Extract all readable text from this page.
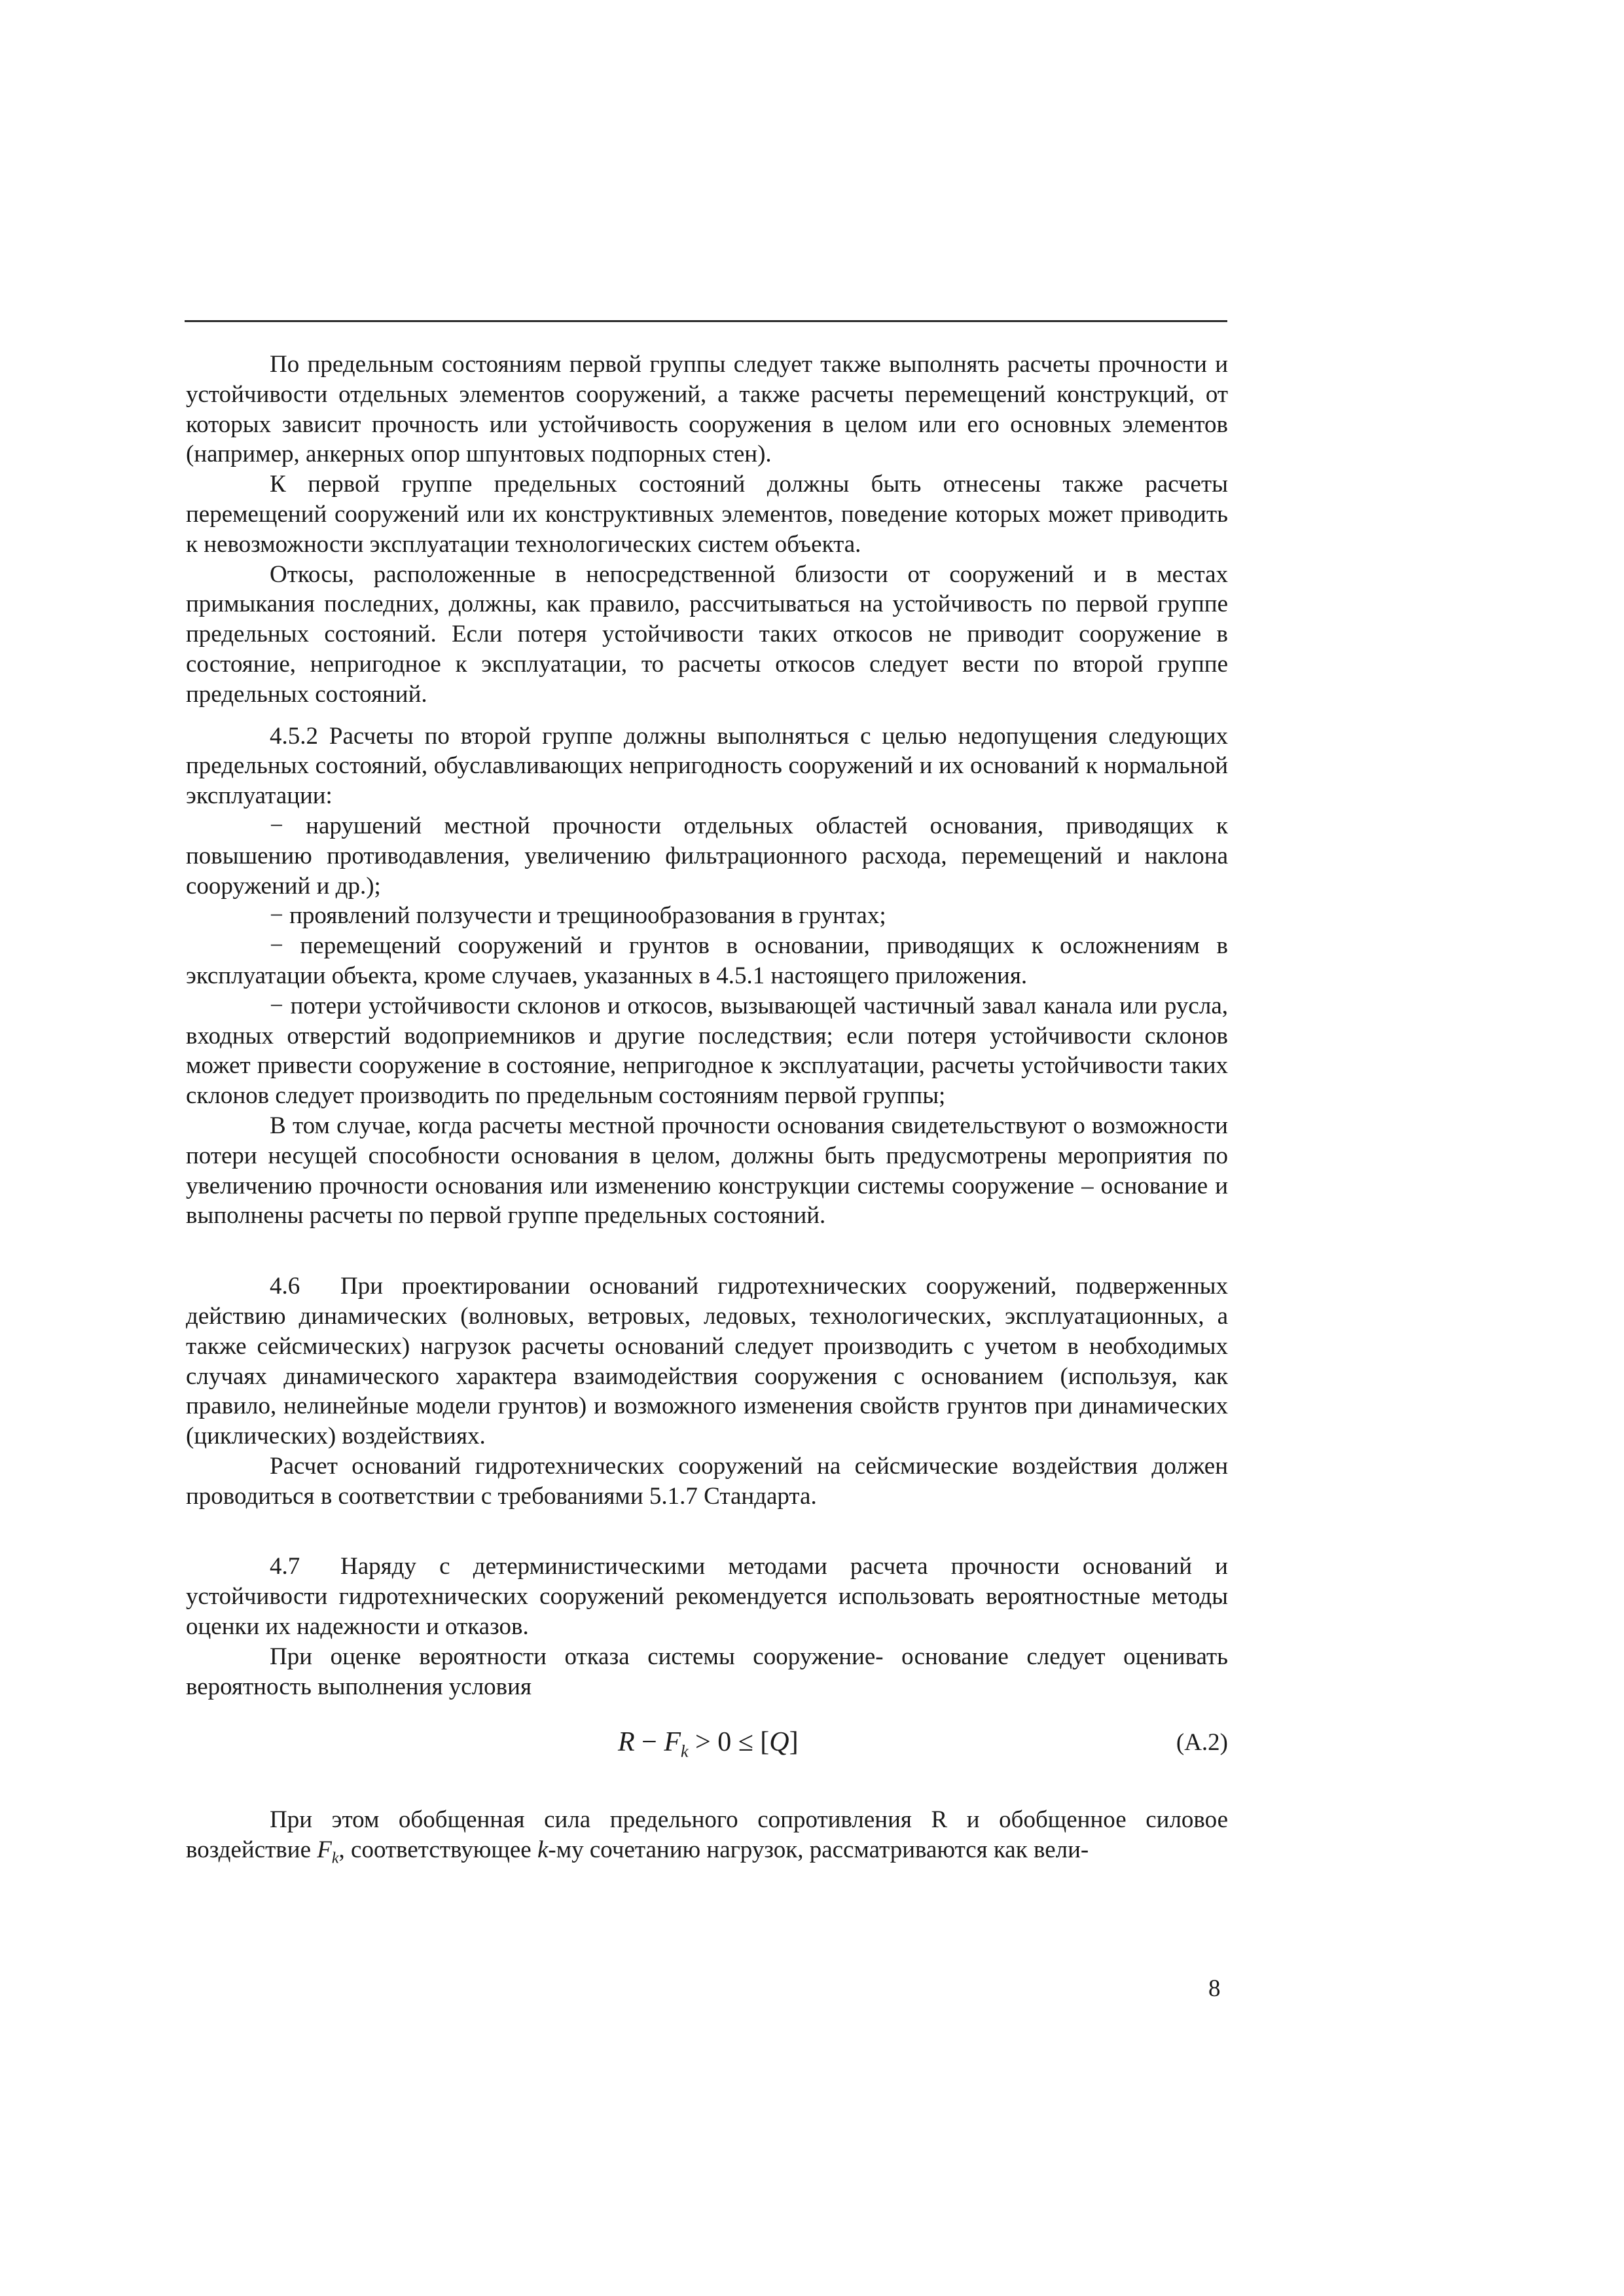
По предельным состояниям первой группы следует также выполнять расчеты прочности и устойчивости отдельных элементов сооружений, а также расчеты перемещений конструкций, от которых зависит прочность или устойчивость сооружения в целом или его основных элементов (например, анкерных опор шпунтовых подпорных стен).

К первой группе предельных состояний должны быть отнесены также расчеты перемещений сооружений или их конструктивных элементов, поведение которых может приводить к невозможности эксплуатации технологических систем объекта.

Откосы, расположенные в непосредственной близости от сооружений и в местах примыкания последних, должны, как правило, рассчитываться на устойчивость по первой группе предельных состояний. Если потеря устойчивости таких откосов не приводит сооружение в состояние, непригодное к эксплуатации, то расчеты откосов следует вести по второй группе предельных состояний.

4.5.2 Расчеты по второй группе должны выполняться с целью недопущения следующих предельных состояний, обуславливающих непригодность сооружений и их оснований к нормальной эксплуатации:

− нарушений местной прочности отдельных областей основания, приводящих к повышению противодавления, увеличению фильтрационного расхода, перемещений и наклона сооружений и др.);

− проявлений ползучести и трещинообразования в грунтах;

− перемещений сооружений и грунтов в основании, приводящих к осложнениям в эксплуатации объекта, кроме случаев, указанных в 4.5.1 настоящего приложения.

− потери устойчивости склонов и откосов, вызывающей частичный завал канала или русла, входных отверстий водоприемников и другие последствия; если потеря устойчивости склонов может привести сооружение в состояние, непригодное к эксплуатации, расчеты устойчивости таких склонов следует производить по предельным состояниям первой группы;

В том случае, когда расчеты местной прочности основания свидетельствуют о возможности потери несущей способности основания в целом, должны быть предусмотрены мероприятия по увеличению прочности основания или изменению конструкции системы сооружение – основание и выполнены расчеты по первой группе предельных состояний.

4.6 При проектировании оснований гидротехнических сооружений, подверженных действию динамических (волновых, ветровых, ледовых, технологических, эксплуатационных, а также сейсмических) нагрузок расчеты оснований следует производить с учетом в необходимых случаях динамического характера взаимодействия сооружения с основанием (используя, как правило, нелинейные модели грунтов) и возможного изменения свойств грунтов при динамических (циклических) воздействиях.

Расчет оснований гидротехнических сооружений на сейсмические воздействия должен проводиться в соответствии с требованиями 5.1.7 Стандарта.

4.7 Наряду с детерминистическими методами расчета прочности оснований и устойчивости гидротехнических сооружений рекомендуется использовать вероятностные методы оценки их надежности и отказов.

При оценке вероятности отказа системы сооружение- основание следует оценивать вероятность выполнения условия

$R - F_k > 0 \le [Q]$	(А.2)

При этом обобщенная сила предельного сопротивления R и обобщенное силовое воздействие $F_k$, соответствующее k-му сочетанию нагрузок, рассматриваются как вели-

8
